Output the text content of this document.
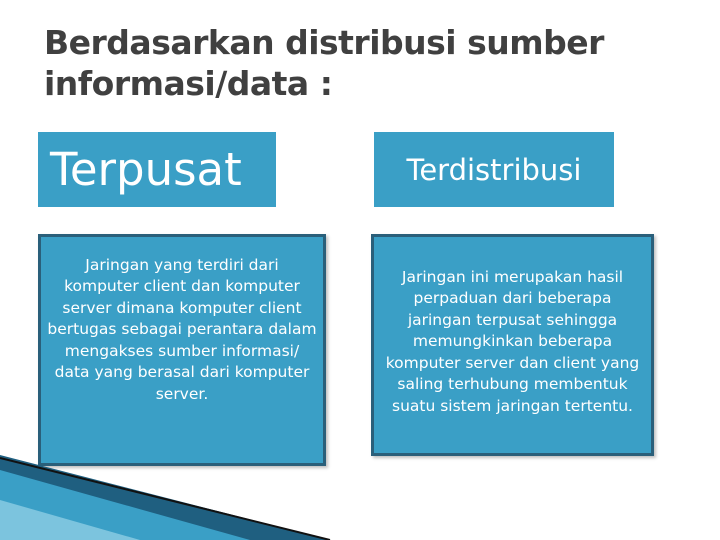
Berdasarkan distribusi sumber informasi/data :
Terpusat	Terdistribusi
Jaringan yang terdiri dari komputer client dan komputer server dimana komputer client bertugas sebagai perantara dalam mengakses sumber informasi/ data yang berasal dari komputer server.
Jaringan ini merupakan hasil perpaduan dari beberapa jaringan terpusat sehingga memungkinkan beberapa komputer server dan client yang saling terhubung membentuk suatu sistem jaringan tertentu.
